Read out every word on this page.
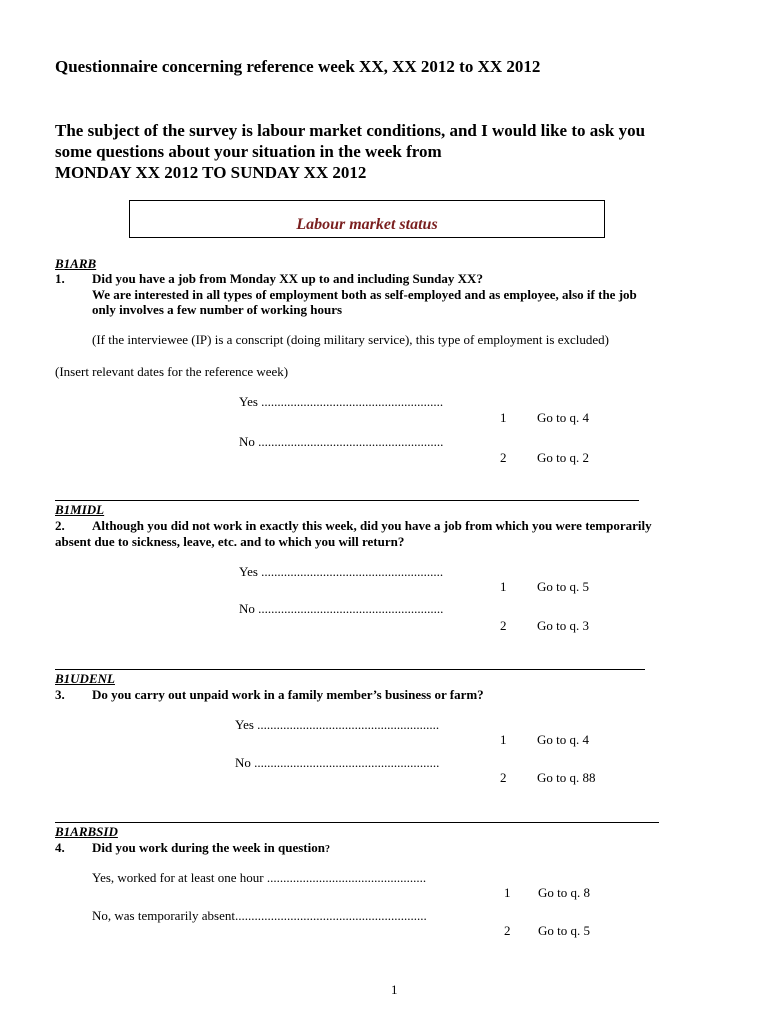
Questionnaire concerning reference week XX, XX 2012 to XX 2012
The subject of the survey is labour market conditions, and I would like to ask you
some questions about your situation in the week from
MONDAY XX 2012 TO SUNDAY XX 2012
Labour market status
B1ARB
1. Did you have a job from Monday XX up to and including Sunday XX?
We are interested in all types of employment both as self-employed and as employee, also if the job
only involves a few number of working hours
(If the interviewee (IP) is a conscript (doing military service), this type of employment is excluded)
(Insert relevant dates for the reference week)
Yes ........................................................
1 Go to q. 4
No .........................................................
2 Go to q. 2
B1MIDL
2. Although you did not work in exactly this week, did you have a job from which you were temporarily
absent due to sickness, leave, etc. and to which you will return?
Yes ........................................................
1 Go to q. 5
No .........................................................
2 Go to q. 3
B1UDENL
3. Do you carry out unpaid work in a family member’s business or farm?
Yes ........................................................
1 Go to q. 4
No .........................................................
2 Go to q. 88
B1ARBSID
4. Did you work during the week in question?
Yes, worked for at least one hour .................................................
1 Go to q. 8
No, was temporarily absent...........................................................
2 Go to q. 5
1
